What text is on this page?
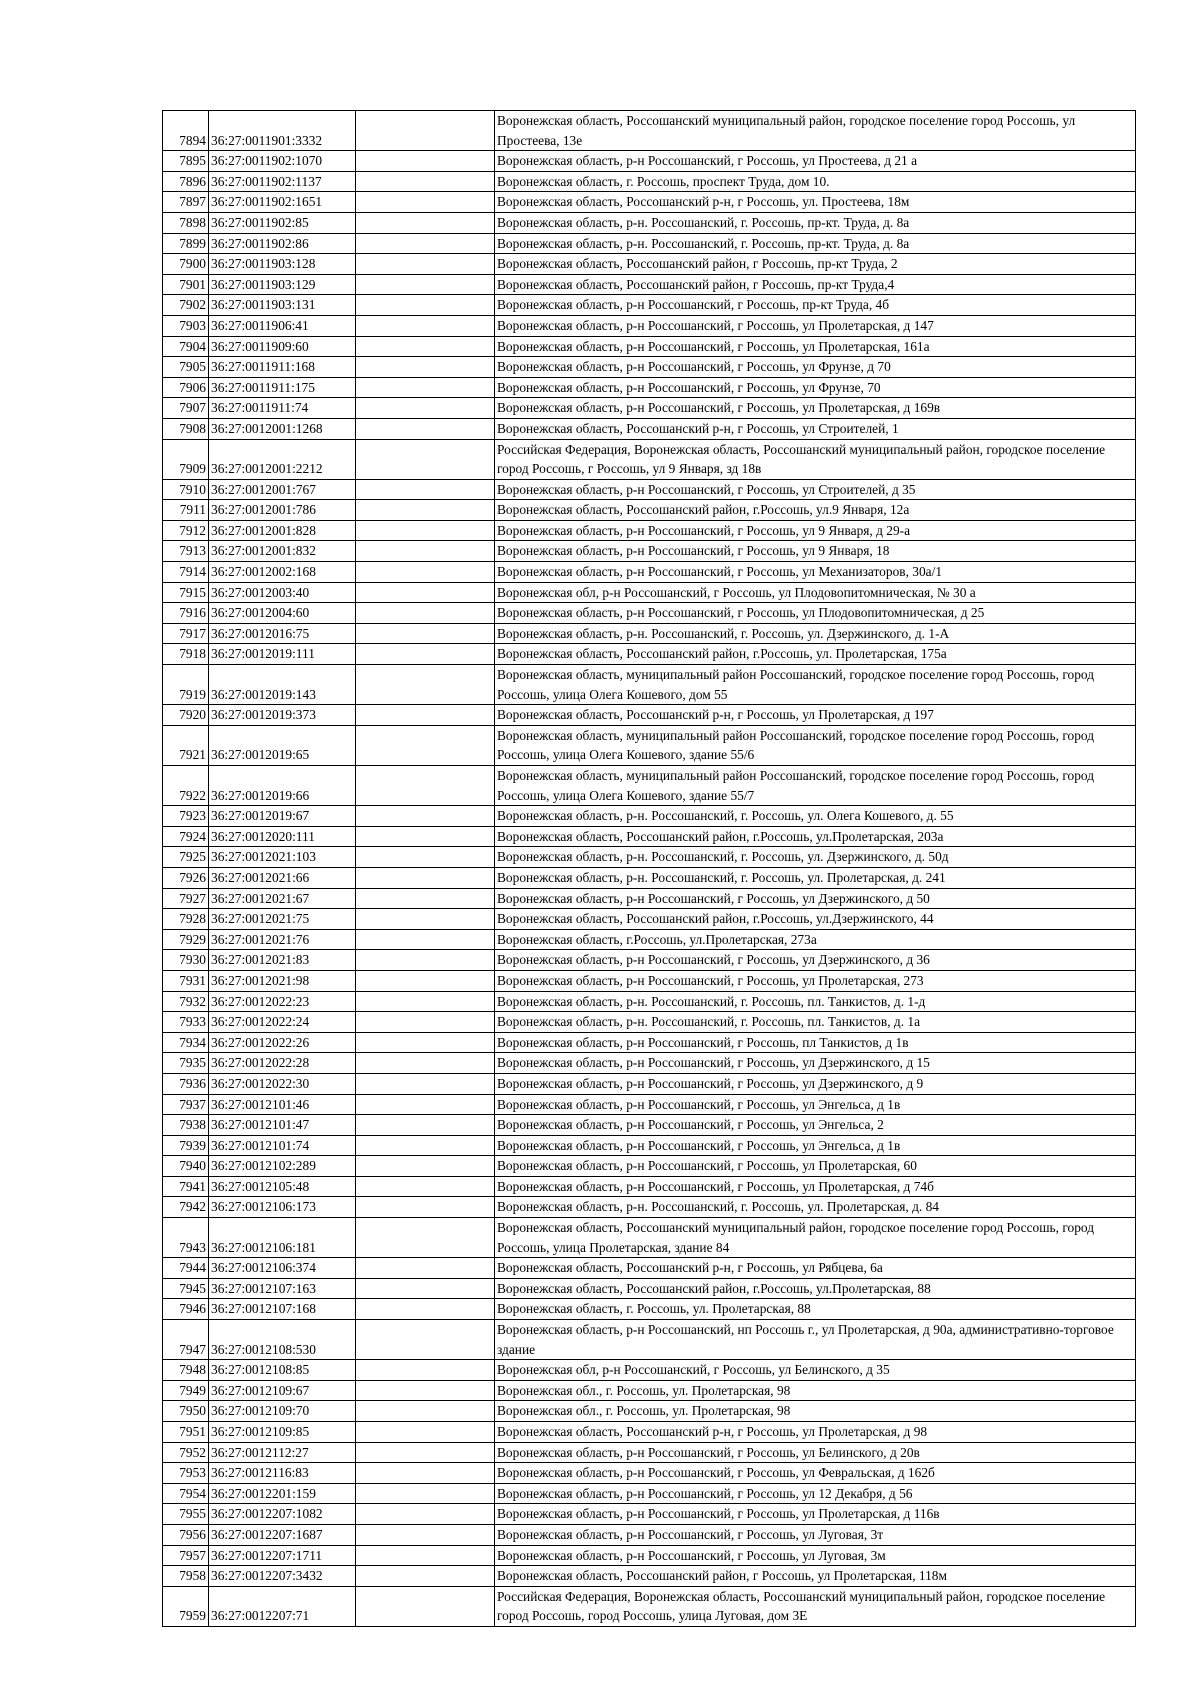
7894	36:27:0011901:3332		Воронежская область, Россошанский муниципальный район, городское поселение город Россошь, ул Простеева, 13е
7895	36:27:0011902:1070		Воронежская область, р-н Россошанский, г Россошь, ул Простеева, д 21 а
7896	36:27:0011902:1137		Воронежская область, г. Россошь, проспект Труда, дом 10.
7897	36:27:0011902:1651		Воронежская область, Россошанский р-н, г Россошь, ул. Простеева, 18м
7898	36:27:0011902:85		Воронежская область, р-н. Россошанский, г. Россошь, пр-кт. Труда, д. 8а
7899	36:27:0011902:86		Воронежская область, р-н. Россошанский, г. Россошь, пр-кт. Труда, д. 8а
7900	36:27:0011903:128		Воронежская область, Россошанский район, г Россошь, пр-кт Труда, 2
7901	36:27:0011903:129		Воронежская область, Россошанский район, г Россошь, пр-кт Труда,4
7902	36:27:0011903:131		Воронежская область, р-н Россошанский, г Россошь, пр-кт Труда, 4б
7903	36:27:0011906:41		Воронежская область, р-н Россошанский, г Россошь, ул Пролетарская, д 147
7904	36:27:0011909:60		Воронежская область, р-н Россошанский, г Россошь, ул Пролетарская, 161а
7905	36:27:0011911:168		Воронежская область, р-н Россошанский, г Россошь, ул Фрунзе, д 70
7906	36:27:0011911:175		Воронежская область, р-н Россошанский, г Россошь, ул Фрунзе, 70
7907	36:27:0011911:74		Воронежская область, р-н Россошанский, г Россошь, ул Пролетарская, д 169в
7908	36:27:0012001:1268		Воронежская область, Россошанский р-н, г Россошь, ул Строителей, 1
7909	36:27:0012001:2212		Российская Федерация, Воронежская область, Россошанский муниципальный район, городское поселение город Россошь, г Россошь, ул 9 Января, зд 18в
7910	36:27:0012001:767		Воронежская область, р-н Россошанский, г Россошь, ул Строителей, д 35
7911	36:27:0012001:786		Воронежская область, Россошанский район, г.Россошь, ул.9 Января, 12а
7912	36:27:0012001:828		Воронежская область, р-н Россошанский, г Россошь, ул 9 Января, д 29-а
7913	36:27:0012001:832		Воронежская область, р-н Россошанский, г Россошь, ул 9 Января, 18
7914	36:27:0012002:168		Воронежская область, р-н Россошанский, г Россошь, ул Механизаторов, 30а/1
7915	36:27:0012003:40		Воронежская обл, р-н Россошанский, г Россошь, ул Плодовопитомническая, № 30 а
7916	36:27:0012004:60		Воронежская область, р-н Россошанский, г Россошь, ул Плодовопитомническая, д 25
7917	36:27:0012016:75		Воронежская область, р-н. Россошанский, г. Россошь, ул. Дзержинского, д. 1-А
7918	36:27:0012019:111		Воронежская область, Россошанский район, г.Россошь, ул. Пролетарская, 175а
7919	36:27:0012019:143		Воронежская область, муниципальный район Россошанский, городское поселение город Россошь, город Россошь, улица Олега Кошевого, дом 55
7920	36:27:0012019:373		Воронежская область, Россошанский р-н, г Россошь, ул Пролетарская, д 197
7921	36:27:0012019:65		Воронежская область, муниципальный район Россошанский, городское поселение город Россошь, город Россошь, улица Олега Кошевого, здание 55/6
7922	36:27:0012019:66		Воронежская область, муниципальный район Россошанский, городское поселение город Россошь, город Россошь, улица Олега Кошевого, здание 55/7
7923	36:27:0012019:67		Воронежская область, р-н. Россошанский, г. Россошь, ул. Олега Кошевого, д. 55
7924	36:27:0012020:111		Воронежская область, Россошанский район, г.Россошь, ул.Пролетарская, 203а
7925	36:27:0012021:103		Воронежская область, р-н. Россошанский, г. Россошь, ул. Дзержинского, д. 50д
7926	36:27:0012021:66		Воронежская область, р-н. Россошанский, г. Россошь, ул. Пролетарская, д. 241
7927	36:27:0012021:67		Воронежская область, р-н Россошанский, г Россошь, ул Дзержинского, д 50
7928	36:27:0012021:75		Воронежская область, Россошанский район, г.Россошь, ул.Дзержинского, 44
7929	36:27:0012021:76		Воронежская область, г.Россошь, ул.Пролетарская, 273а
7930	36:27:0012021:83		Воронежская область, р-н Россошанский, г Россошь, ул Дзержинского, д 36
7931	36:27:0012021:98		Воронежская область, р-н Россошанский, г Россошь, ул Пролетарская, 273
7932	36:27:0012022:23		Воронежская область, р-н. Россошанский, г. Россошь, пл. Танкистов, д. 1-д
7933	36:27:0012022:24		Воронежская область, р-н. Россошанский, г. Россошь, пл. Танкистов, д. 1а
7934	36:27:0012022:26		Воронежская область, р-н Россошанский, г Россошь, пл Танкистов, д 1в
7935	36:27:0012022:28		Воронежская область, р-н Россошанский, г Россошь, ул Дзержинского, д 15
7936	36:27:0012022:30		Воронежская область, р-н Россошанский, г Россошь, ул Дзержинского, д 9
7937	36:27:0012101:46		Воронежская область, р-н Россошанский, г Россошь, ул Энгельса, д 1в
7938	36:27:0012101:47		Воронежская область, р-н Россошанский, г Россошь, ул Энгельса, 2
7939	36:27:0012101:74		Воронежская область, р-н Россошанский, г Россошь, ул Энгельса, д 1в
7940	36:27:0012102:289		Воронежская область, р-н Россошанский, г Россошь, ул Пролетарская, 60
7941	36:27:0012105:48		Воронежская область, р-н Россошанский, г Россошь, ул Пролетарская, д 74б
7942	36:27:0012106:173		Воронежская область, р-н. Россошанский, г. Россошь, ул. Пролетарская, д. 84
7943	36:27:0012106:181		Воронежская область, Россошанский муниципальный район, городское поселение город Россошь, город Россошь, улица Пролетарская, здание 84
7944	36:27:0012106:374		Воронежская область, Россошанский р-н, г Россошь, ул Рябцева, 6а
7945	36:27:0012107:163		Воронежская область, Россошанский район, г.Россошь, ул.Пролетарская, 88
7946	36:27:0012107:168		Воронежская область, г. Россошь, ул. Пролетарская, 88
7947	36:27:0012108:530		Воронежская область, р-н Россошанский, нп Россошь г., ул Пролетарская, д 90а, административно-торговое здание
7948	36:27:0012108:85		Воронежская обл, р-н Россошанский, г Россошь, ул Белинского, д 35
7949	36:27:0012109:67		Воронежская обл., г. Россошь, ул. Пролетарская, 98
7950	36:27:0012109:70		Воронежская обл., г. Россошь, ул. Пролетарская, 98
7951	36:27:0012109:85		Воронежская область, Россошанский р-н, г Россошь, ул Пролетарская, д 98
7952	36:27:0012112:27		Воронежская область, р-н Россошанский, г Россошь, ул Белинского, д 20в
7953	36:27:0012116:83		Воронежская область, р-н Россошанский, г Россошь, ул Февральская, д 162б
7954	36:27:0012201:159		Воронежская область, р-н Россошанский, г Россошь, ул 12 Декабря, д 56
7955	36:27:0012207:1082		Воронежская область, р-н Россошанский, г Россошь, ул Пролетарская, д 116в
7956	36:27:0012207:1687		Воронежская область, р-н Россошанский, г Россошь, ул Луговая, 3т
7957	36:27:0012207:1711		Воронежская область, р-н Россошанский, г Россошь, ул Луговая, 3м
7958	36:27:0012207:3432		Воронежская область, Россошанский район, г Россошь, ул Пролетарская, 118м
7959	36:27:0012207:71		Российская Федерация, Воронежская область, Россошанский муниципальный район, городское поселение город Россошь, город Россошь, улица Луговая, дом 3Е
